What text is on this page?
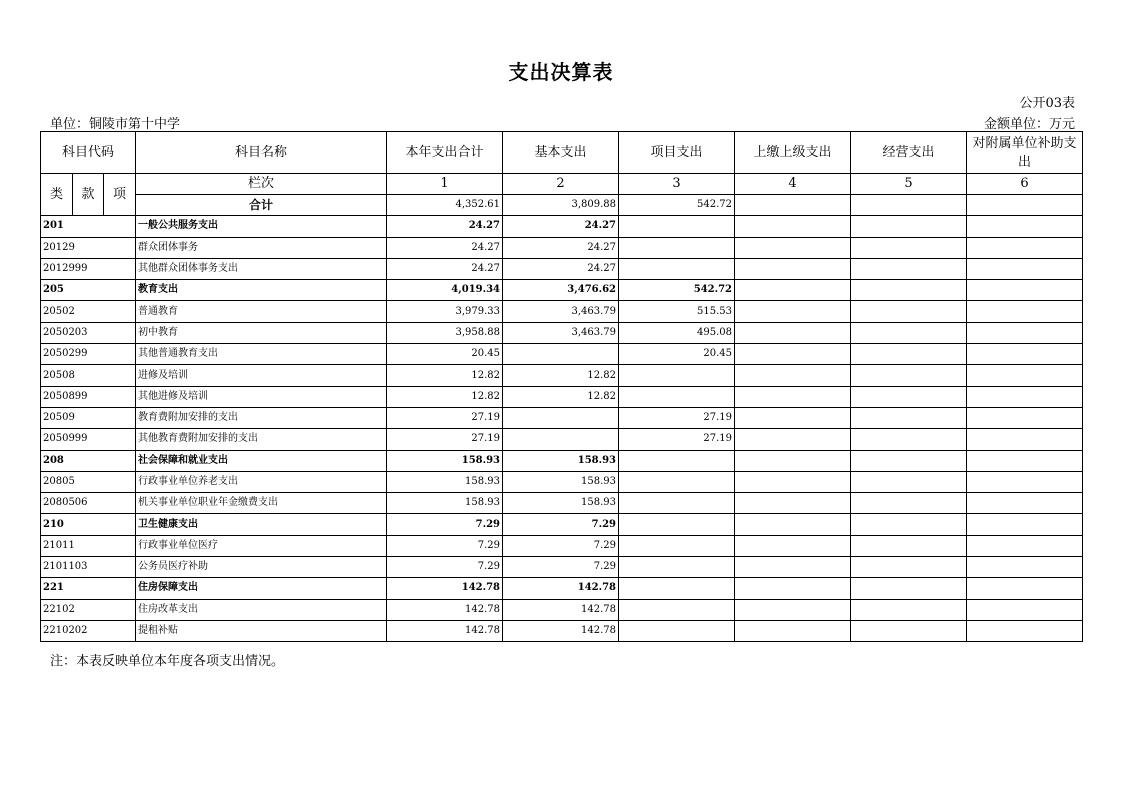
支出决算表
公开03表
单位：铜陵市第十中学	金额单位：万元
科目代码			科目名称	本年支出合计	基本支出	项目支出	上缴上级支出	经营支出	对附属单位补助支出
类	款	项	栏次	1	2	3	4	5	6
			合计	4,352.61	3,809.88	542.72			
201			一般公共服务支出	24.27	24.27				
20129			群众团体事务	24.27	24.27				
2012999			其他群众团体事务支出	24.27	24.27				
205			教育支出	4,019.34	3,476.62	542.72			
20502			普通教育	3,979.33	3,463.79	515.53			
2050203			初中教育	3,958.88	3,463.79	495.08			
2050299			其他普通教育支出	20.45		20.45			
20508			进修及培训	12.82	12.82				
2050899			其他进修及培训	12.82	12.82				
20509			教育费附加安排的支出	27.19		27.19			
2050999			其他教育费附加安排的支出	27.19		27.19			
208			社会保障和就业支出	158.93	158.93				
20805			行政事业单位养老支出	158.93	158.93				
2080506			机关事业单位职业年金缴费支出	158.93	158.93				
210			卫生健康支出	7.29	7.29				
21011			行政事业单位医疗	7.29	7.29				
2101103			公务员医疗补助	7.29	7.29				
221			住房保障支出	142.78	142.78				
22102			住房改革支出	142.78	142.78				
2210202			提租补贴	142.78	142.78				
注：本表反映单位本年度各项支出情况。
